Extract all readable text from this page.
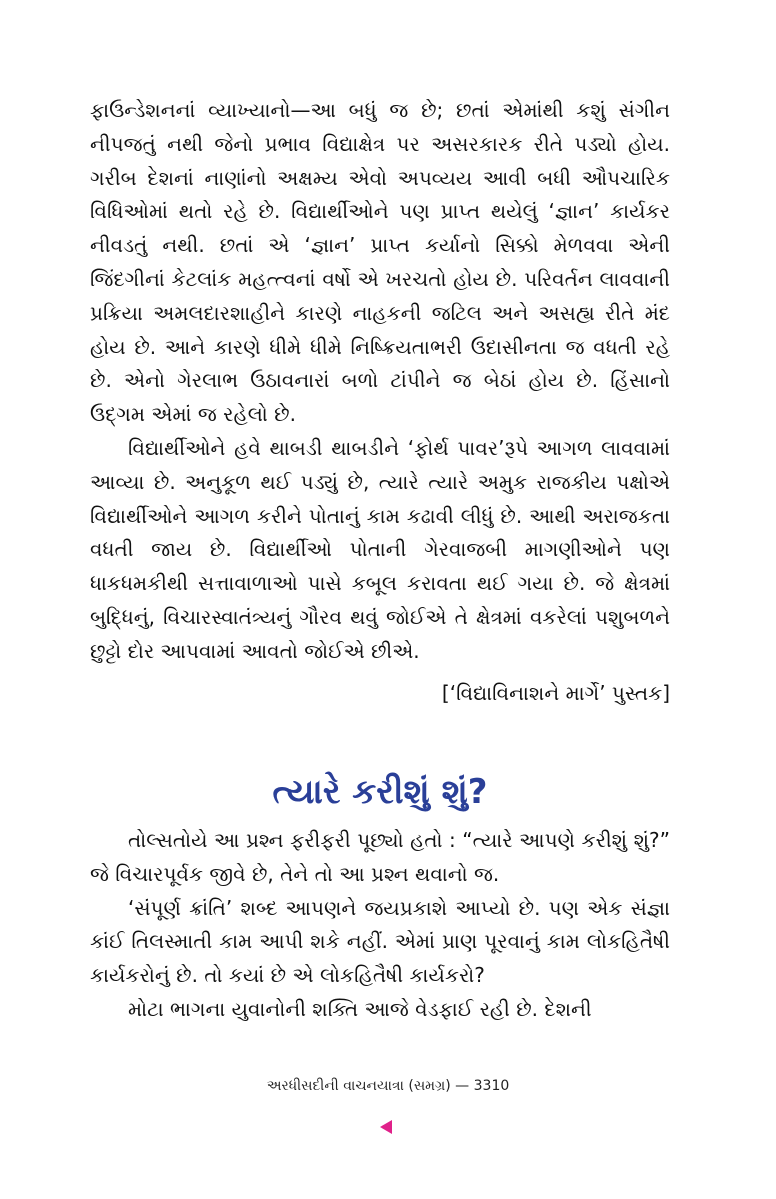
ફાઉન્ડેશનનાં વ્યાખ્યાનો—આ બધું જ છે; છતાં એમાંથી કશું સંગીન નીપજતું નથી જેનો પ્રભાવ વિદ્યાક્ષેત્ર પર અસરકારક રીતે પડ્યો હોય. ગરીબ દેશનાં નાણાંનો અક્ષમ્ય એવો અપવ્યય આવી બધી ઔપચારિક વિધિઓમાં થતો રહે છે. વિદ્યાર્થીઓને પણ પ્રાપ્ત થયેલું ‘જ્ઞાન’ કાર્યકર નીવડતું નથી. છતાં એ ‘જ્ઞાન’ પ્રાપ્ત કર્યાનો સિક્કો મેળવવા એની જિંદગીનાં કેટલાંક મહત્ત્વનાં વર્ષો એ ખરચતો હોય છે. પરિવર્તન લાવવાની પ્રક્રિયા અમલદારશાહીને કારણે નાહકની જટિલ અને અસહ્ય રીતે મંદ હોય છે. આને કારણે ધીમે ધીમે નિષ્ક્રિયતાભરી ઉદાસીનતા જ વધતી રહે છે. એનો ગેરલાભ ઉઠાવનારાં બળો ટાંપીને જ બેઠાં હોય છે. હિંસાનો ઉદ્ગમ એમાં જ રહેલો છે.

વિદ્યાર્થીઓને હવે થાબડી થાબડીને ‘ફોર્થ પાવર’રૂપે આગળ લાવવામાં આવ્યા છે. અનુકૂળ થઈ પડ્યું છે, ત્યારે ત્યારે અમુક રાજકીય પક્ષોએ વિદ્યાર્થીઓને આગળ કરીને પોતાનું કામ કઢાવી લીધું છે. આથી અરાજકતા વધતી જાય છે. વિદ્યાર્થીઓ પોતાની ગેરવાજબી માગણીઓને પણ ધાકધમકીથી સત્તાવાળાઓ પાસે કબૂલ કરાવતા થઈ ગયા છે. જે ક્ષેત્રમાં બુદ્ધિનું, વિચારસ્વાતંત્ર્યનું ગૌરવ થવું જોઈએ તે ક્ષેત્રમાં વકરેલાં પશુબળને છુટ્ટો દોર આપવામાં આવતો જોઈએ છીએ.

[‘વિદ્યાવિનાશને માર્ગે’ પુસ્તક]

ત્યારે કરીશું શું?

તોલ્સતોયે આ પ્રશ્ન ફરીફરી પૂછ્યો હતો : “ત્યારે આપણે કરીશું શું?” જે વિચારપૂર્વક જીવે છે, તેને તો આ પ્રશ્ન થવાનો જ.

‘સંપૂર્ણ ક્રાંતિ’ શબ્દ આપણને જયપ્રકાશે આપ્યો છે. પણ એક સંજ્ઞા કાંઈ તિલસ્માતી કામ આપી શકે નહીં. એમાં પ્રાણ પૂરવાનું કામ લોકહિતૈષી કાર્યકરોનું છે. તો કયાં છે એ લોકહિતૈષી કાર્યકરો?

મોટા ભાગના યુવાનોની શક્તિ આજે વેડફાઈ રહી છે. દેશની

અરધીસદીની વાચનયાત્રા (સમગ્ર) — 3310
